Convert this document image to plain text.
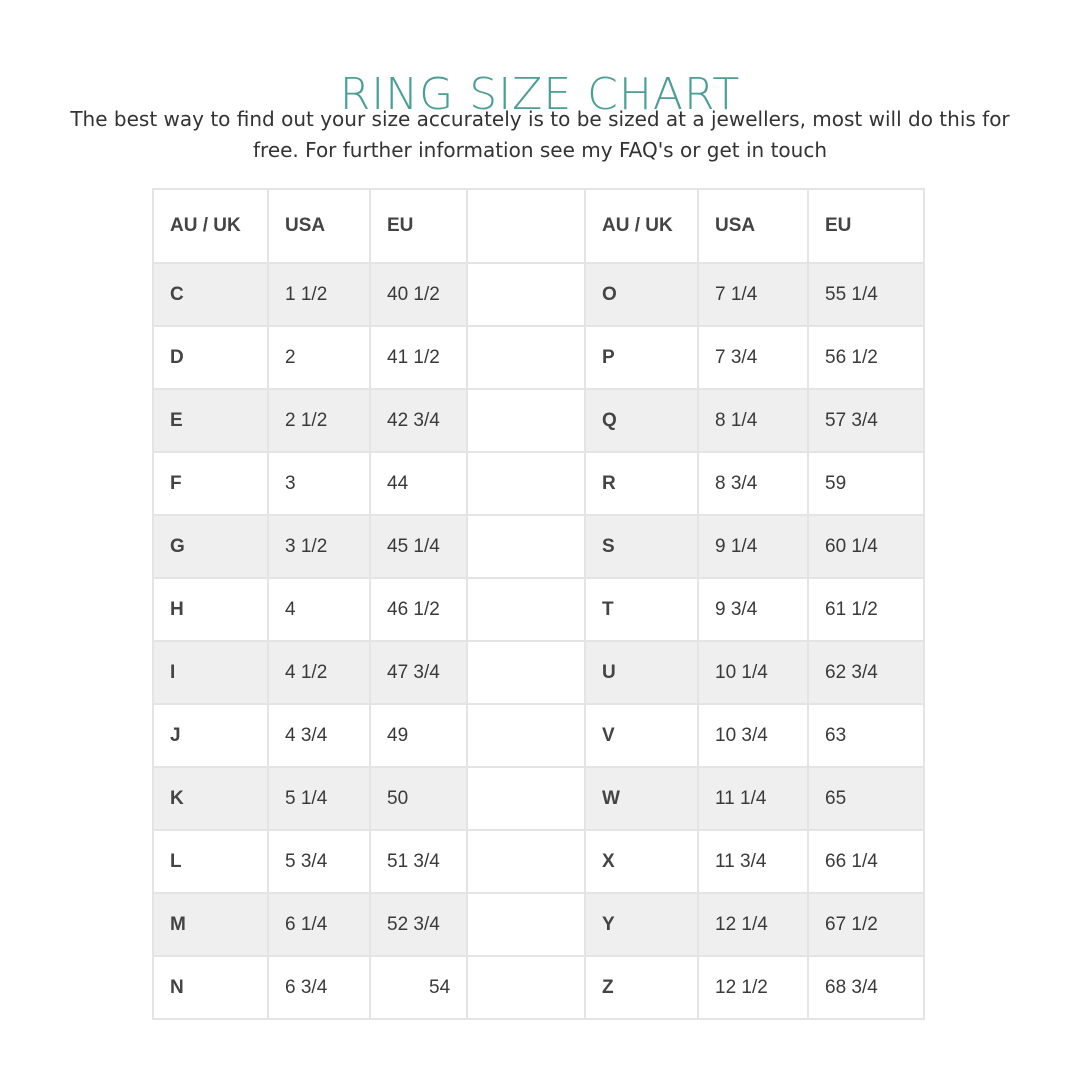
RING SIZE CHART
The best way to find out your size accurately is to be sized at a jewellers, most will do this for
free. For further information see my FAQ's or get in touch
AU / UK	USA	EU		AU / UK	USA	EU
C	1 1/2	40 1/2		O	7 1/4	55 1/4
D	2	41 1/2		P	7 3/4	56 1/2
E	2 1/2	42 3/4		Q	8 1/4	57 3/4
F	3	44		R	8 3/4	59
G	3 1/2	45 1/4		S	9 1/4	60 1/4
H	4	46 1/2		T	9 3/4	61 1/2
I	4 1/2	47 3/4		U	10 1/4	62 3/4
J	4 3/4	49		V	10 3/4	63
K	5 1/4	50		W	11 1/4	65
L	5 3/4	51 3/4		X	11 3/4	66 1/4
M	6 1/4	52 3/4		Y	12 1/4	67 1/2
N	6 3/4	54		Z	12 1/2	68 3/4
